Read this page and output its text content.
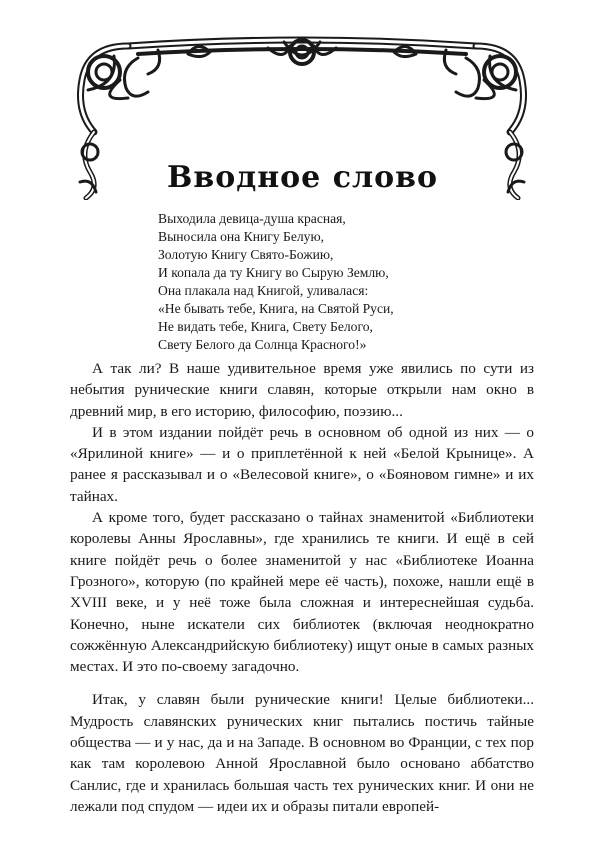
Вводное слово
Выходила девица-душа красная,
Выносила она Книгу Белую,
Золотую Книгу Свято-Божию,
И копала да ту Книгу во Сырую Землю,
Она плакала над Книгой, уливалася:
«Не бывать тебе, Книга, на Святой Руси,
Не видать тебе, Книга, Свету Белого,
Свету Белого да Солнца Красного!»

А так ли? В наше удивительное время уже явились по сути из небытия рунические книги славян, которые открыли нам окно в древний мир, в его историю, философию, поэзию...

И в этом издании пойдёт речь в основном об одной из них — о «Ярилиной книге» — и о приплетённой к ней «Белой Крынице». А ранее я рассказывал и о «Велесовой книге», о «Бояновом гимне» и их тайнах.

А кроме того, будет рассказано о тайнах знаменитой «Библиотеки королевы Анны Ярославны», где хранились те книги. И ещё в сей книге пойдёт речь о более знаменитой у нас «Библиотеке Иоанна Грозного», которую (по крайней мере её часть), похоже, нашли ещё в XVIII веке, и у неё тоже была сложная и интереснейшая судьба. Конечно, ныне искатели сих библиотек (включая неоднократно сожжённую Александрийскую библиотеку) ищут оные в самых разных местах. И это по-своему загадочно.

Итак, у славян были рунические книги! Целые библиотеки... Мудрость славянских рунических книг пытались постичь тайные общества — и у нас, да и на Западе. В основном во Франции, с тех пор как там королевою Анной Ярославной было основано аббатство Санлис, где и хранилась большая часть тех рунических книг. И они не лежали под спудом — идеи их и образы питали европей-
